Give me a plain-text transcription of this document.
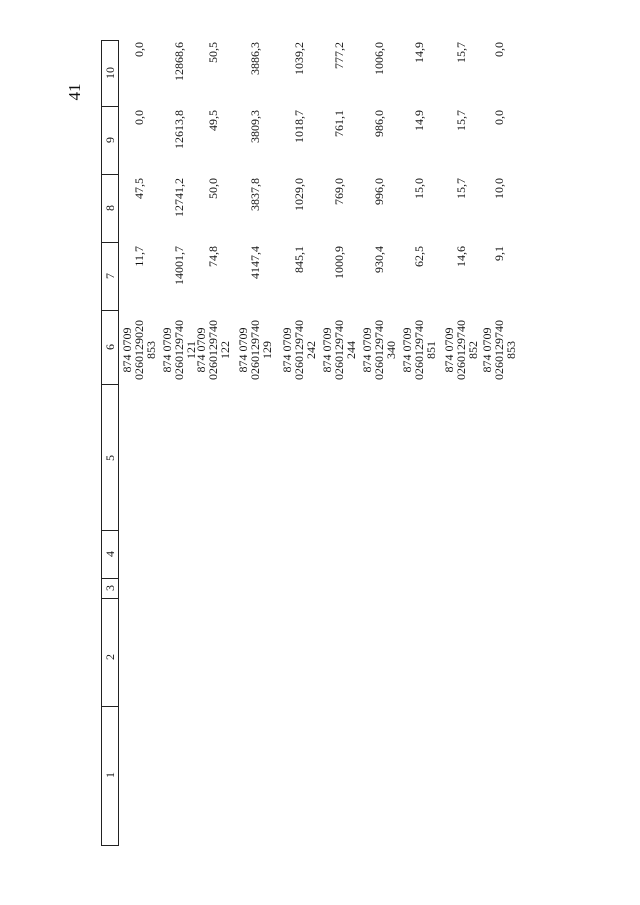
41
10
9
8
7
6
5
4
3
2
1
874 0709
0260129020
853
11,7
47,5
0,0
0,0
874 0709
0260129740
121
14001,7
12741,2
12613,8
12868,6
874 0709
0260129740
122
74,8
50,0
49,5
50,5
874 0709
0260129740
129
4147,4
3837,8
3809,3
3886,3
874 0709
0260129740
242
845,1
1029,0
1018,7
1039,2
874 0709
0260129740
244
1000,9
769,0
761,1
777,2
874 0709
0260129740
340
930,4
996,0
986,0
1006,0
874 0709
0260129740
851
62,5
15,0
14,9
14,9
874 0709
0260129740
852
14,6
15,7
15,7
15,7
874 0709
0260129740
853
9,1
10,0
0,0
0,0
